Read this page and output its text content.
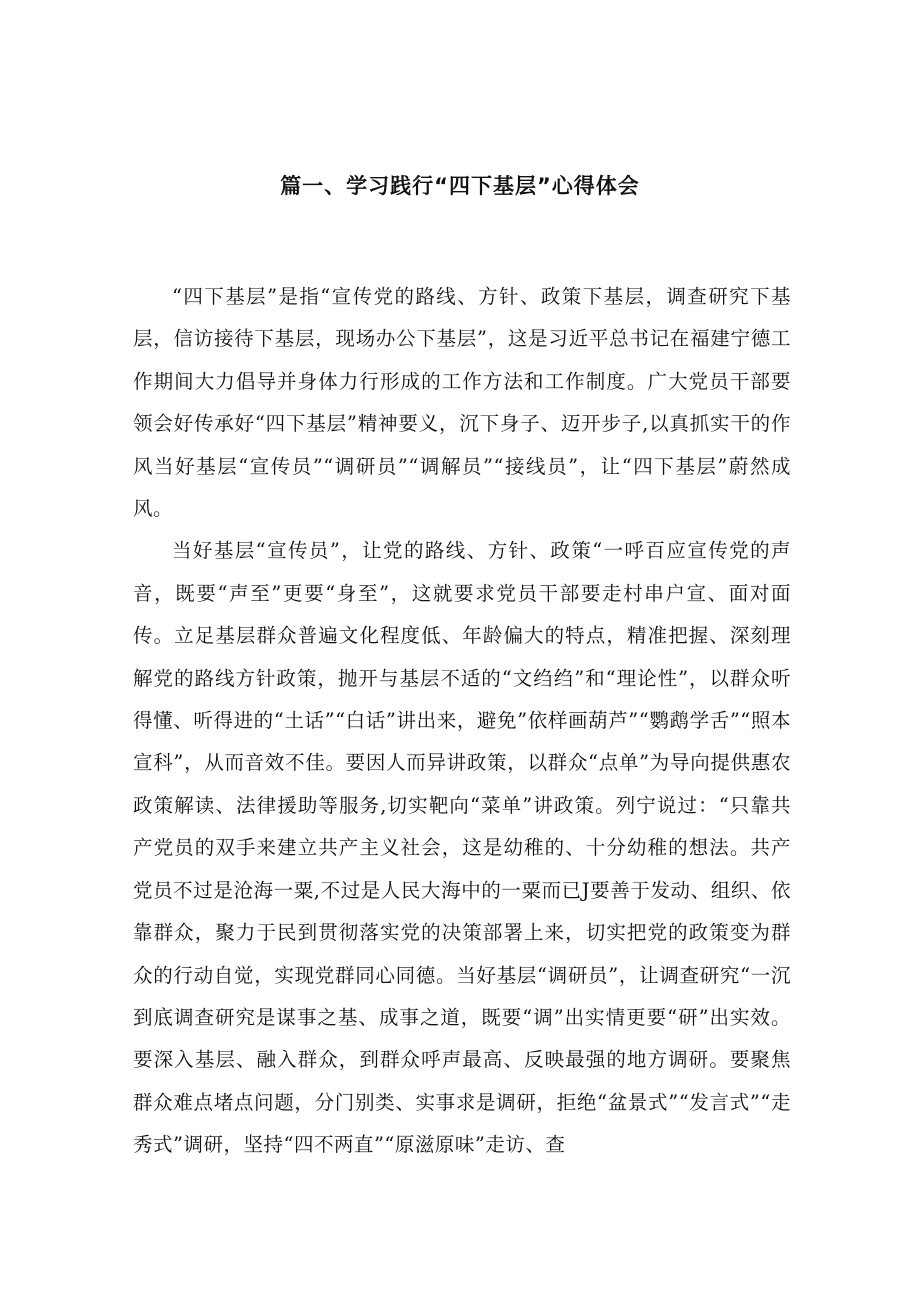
篇一、学习践行“四下基层”心得体会

“四下基层”是指“宣传党的路线、方针、政策下基层，调查研究下基层，信访接待下基层，现场办公下基层”，这是习近平总书记在福建宁德工作期间大力倡导并身体力行形成的工作方法和工作制度。广大党员干部要领会好传承好“四下基层”精神要义，沉下身子、迈开步子,以真抓实干的作风当好基层“宣传员”“调研员”“调解员”“接线员”，让“四下基层”蔚然成风。

当好基层“宣传员”，让党的路线、方针、政策“一呼百应宣传党的声音，既要“声至”更要“身至”，这就要求党员干部要走村串户宣、面对面传。立足基层群众普遍文化程度低、年龄偏大的特点，精准把握、深刻理解党的路线方针政策，抛开与基层不适的“文绉绉”和“理论性”，以群众听得懂、听得进的“土话”“白话”讲出来，避免”依样画葫芦”“鹦鹉学舌”“照本宣科”，从而音效不佳。要因人而异讲政策，以群众“点单”为导向提供惠农政策解读、法律援助等服务,切实靶向“菜单”讲政策。列宁说过：“只靠共产党员的双手来建立共产主义社会，这是幼稚的、十分幼稚的想法。共产党员不过是沧海一粟,不过是人民大海中的一粟而已J要善于发动、组织、依靠群众，聚力于民到贯彻落实党的决策部署上来，切实把党的政策变为群众的行动自觉，实现党群同心同德。当好基层“调研员”，让调查研究“一沉到底调查研究是谋事之基、成事之道，既要“调”出实情更要“研”出实效。要深入基层、融入群众，到群众呼声最高、反映最强的地方调研。要聚焦群众难点堵点问题，分门别类、实事求是调研，拒绝“盆景式”“发言式”“走秀式”调研，坚持“四不两直”“原滋原味”走访、查
